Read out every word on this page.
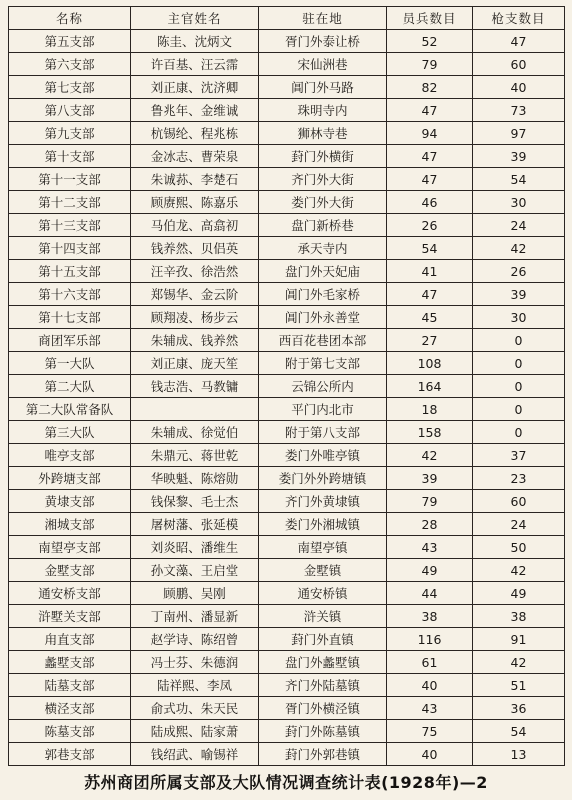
名称	主官姓名	驻在地	员兵数目	枪支数目
第五支部	陈圭、沈炳文	胥门外泰让桥	52	47
第六支部	许百基、汪云霈	宋仙洲巷	79	60
第七支部	刘正康、沈济卿	阊门外马路	82	40
第八支部	鲁兆年、金维诚	珠明寺内	47	73
第九支部	杭锡纶、程兆栋	狮林寺巷	94	97
第十支部	金冰志、曹荣泉	葑门外横街	47	39
第十一支部	朱诚荪、李楚石	齐门外大街	47	54
第十二支部	顾赓熙、陈嘉乐	娄门外大街	46	30
第十三支部	马伯龙、高翕初	盘门新桥巷	26	24
第十四支部	钱养然、贝侣英	承天寺内	54	42
第十五支部	汪辛孜、徐浩然	盘门外天妃庙	41	26
第十六支部	郑锡华、金云阶	阊门外毛家桥	47	39
第十七支部	顾翔凌、杨步云	阊门外永善堂	45	30
商团军乐部	朱辅成、钱养然	西百花巷团本部	27	0
第一大队	刘正康、庞天笙	附于第七支部	108	0
第二大队	钱志浩、马教镛	云锦公所内	164	0
第二大队常备队		平门内北市	18	0
第三大队	朱辅成、徐觉伯	附于第八支部	158	0
唯亭支部	朱鼎元、蒋世乾	娄门外唯亭镇	42	37
外跨塘支部	华映魁、陈熔勋	娄门外外跨塘镇	39	23
黄埭支部	钱保黎、毛士杰	齐门外黄埭镇	79	60
湘城支部	屠树藩、张延模	娄门外湘城镇	28	24
南望亭支部	刘炎昭、潘维生	南望亭镇	43	50
金墅支部	孙文藻、王启堂	金墅镇	49	42
通安桥支部	顾鹏、吴刚	通安桥镇	44	49
浒墅关支部	丁南州、潘显新	浒关镇	38	38
甪直支部	赵学诗、陈绍曾	葑门外直镇	116	91
蠡墅支部	冯士芬、朱德润	盘门外蠡墅镇	61	42
陆墓支部	陆祥熙、李凤	齐门外陆墓镇	40	51
横泾支部	俞式功、朱天民	胥门外横泾镇	43	36
陈墓支部	陆成熙、陆家萧	葑门外陈墓镇	75	54
郭巷支部	钱绍武、喻锡祥	葑门外郭巷镇	40	13
苏州商团所属支部及大队情况调查统计表(1928年)—2
